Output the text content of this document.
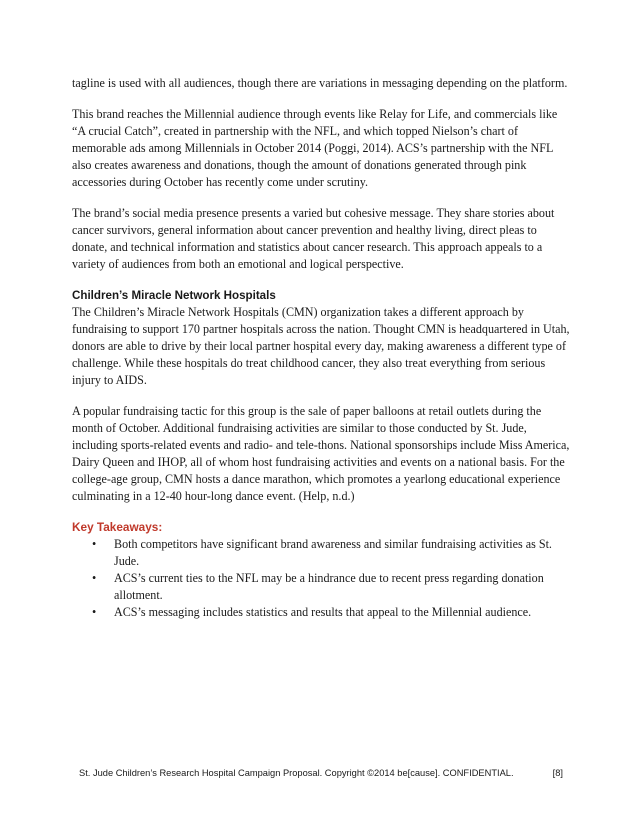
tagline is used with all audiences, though there are variations in messaging depending on the platform.

This brand reaches the Millennial audience through events like Relay for Life, and commercials like “A crucial Catch”, created in partnership with the NFL, and which topped Nielson’s chart of memorable ads among Millennials in October 2014 (Poggi, 2014). ACS’s partnership with the NFL also creates awareness and donations, though the amount of donations generated through pink accessories during October has recently come under scrutiny.

The brand’s social media presence presents a varied but cohesive message. They share stories about cancer survivors, general information about cancer prevention and healthy living, direct pleas to donate, and technical information and statistics about cancer research. This approach appeals to a variety of audiences from both an emotional and logical perspective.

Children’s Miracle Network Hospitals

The Children’s Miracle Network Hospitals (CMN) organization takes a different approach by fundraising to support 170 partner hospitals across the nation. Thought CMN is headquartered in Utah, donors are able to drive by their local partner hospital every day, making awareness a different type of challenge. While these hospitals do treat childhood cancer, they also treat everything from serious injury to AIDS.

A popular fundraising tactic for this group is the sale of paper balloons at retail outlets during the month of October. Additional fundraising activities are similar to those conducted by St. Jude, including sports-related events and radio- and tele-thons. National sponsorships include Miss America, Dairy Queen and IHOP, all of whom host fundraising activities and events on a national basis. For the college-age group, CMN hosts a dance marathon, which promotes a yearlong educational experience culminating in a 12-40 hour-long dance event. (Help, n.d.)

Key Takeaways:

• Both competitors have significant brand awareness and similar fundraising activities as St. Jude.
• ACS’s current ties to the NFL may be a hindrance due to recent press regarding donation allotment.
• ACS’s messaging includes statistics and results that appeal to the Millennial audience.
St. Jude Children’s Research Hospital Campaign Proposal. Copyright ©2014 be[cause]. CONFIDENTIAL.	[8]
